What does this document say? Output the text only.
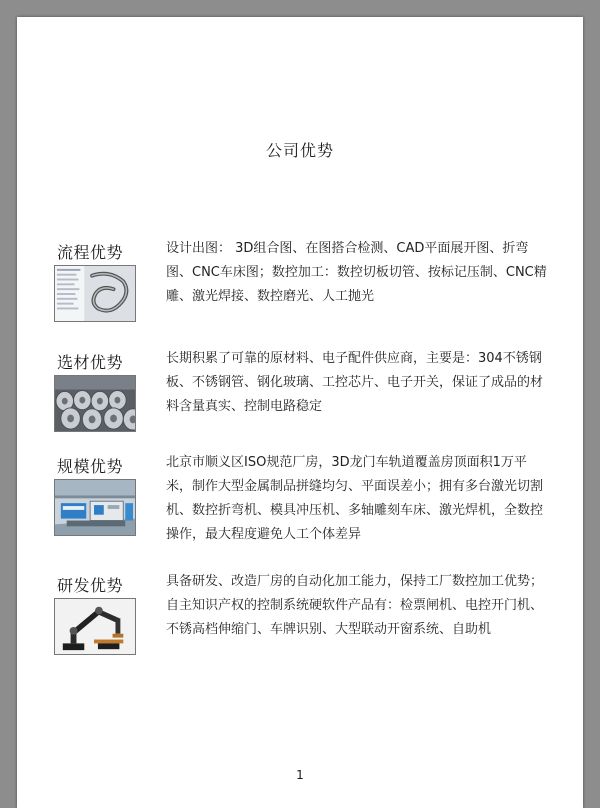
公司优势
流程优势	设计出图： 3D组合图、在图搭合检测、CAD平面展开图、折弯图、CNC车床图；数控加工：数控切板切管、按标记压制、CNC精雕、激光焊接、数控磨光、人工抛光
选材优势	长期积累了可靠的原材料、电子配件供应商，主要是：304不锈钢板、不锈钢管、钢化玻璃、工控芯片、电子开关，保证了成品的材料含量真实、控制电路稳定
规模优势	北京市顺义区ISO规范厂房，3D龙门车轨道覆盖房顶面积1万平米，制作大型金属制品拼缝均匀、平面误差小；拥有多台激光切割机、数控折弯机、模具冲压机、多轴雕刻车床、激光焊机，全数控操作，最大程度避免人工个体差异
研发优势	具备研发、改造厂房的自动化加工能力，保持工厂数控加工优势；自主知识产权的控制系统硬软件产品有：检票闸机、电控开门机、不锈高档伸缩门、车牌识别、大型联动开窗系统、自助机
1
